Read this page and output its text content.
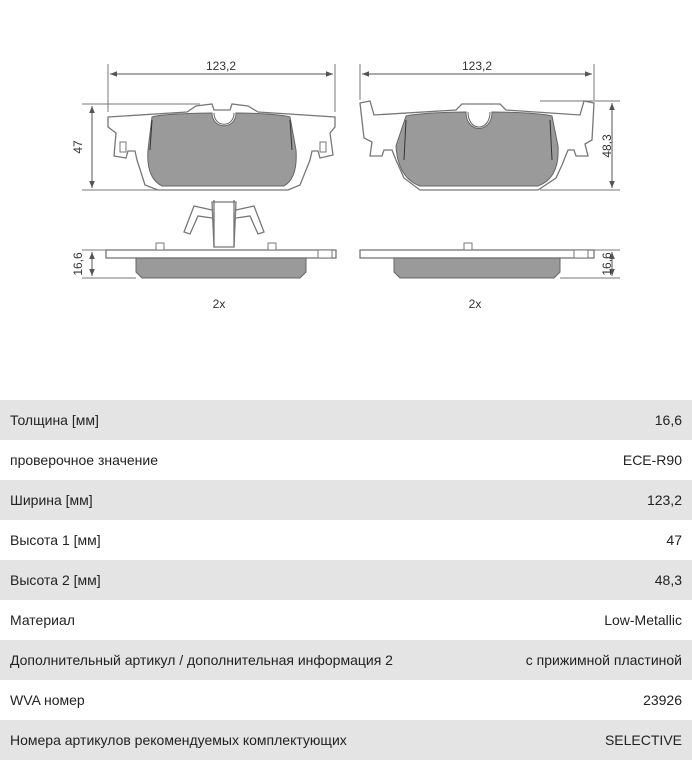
123,2
47
16,6
2x
123,2
48,3
16,6
2x
Толщина [мм]	16,6
проверочное значение	ECE-R90
Ширина [мм]	123,2
Высота 1 [мм]	47
Высота 2 [мм]	48,3
Материал	Low-Metallic
Дополнительный артикул / дополнительная информация 2	с прижимной пластиной
WVA номер	23926
Номера артикулов рекомендуемых комплектующих	SELECTIVE
